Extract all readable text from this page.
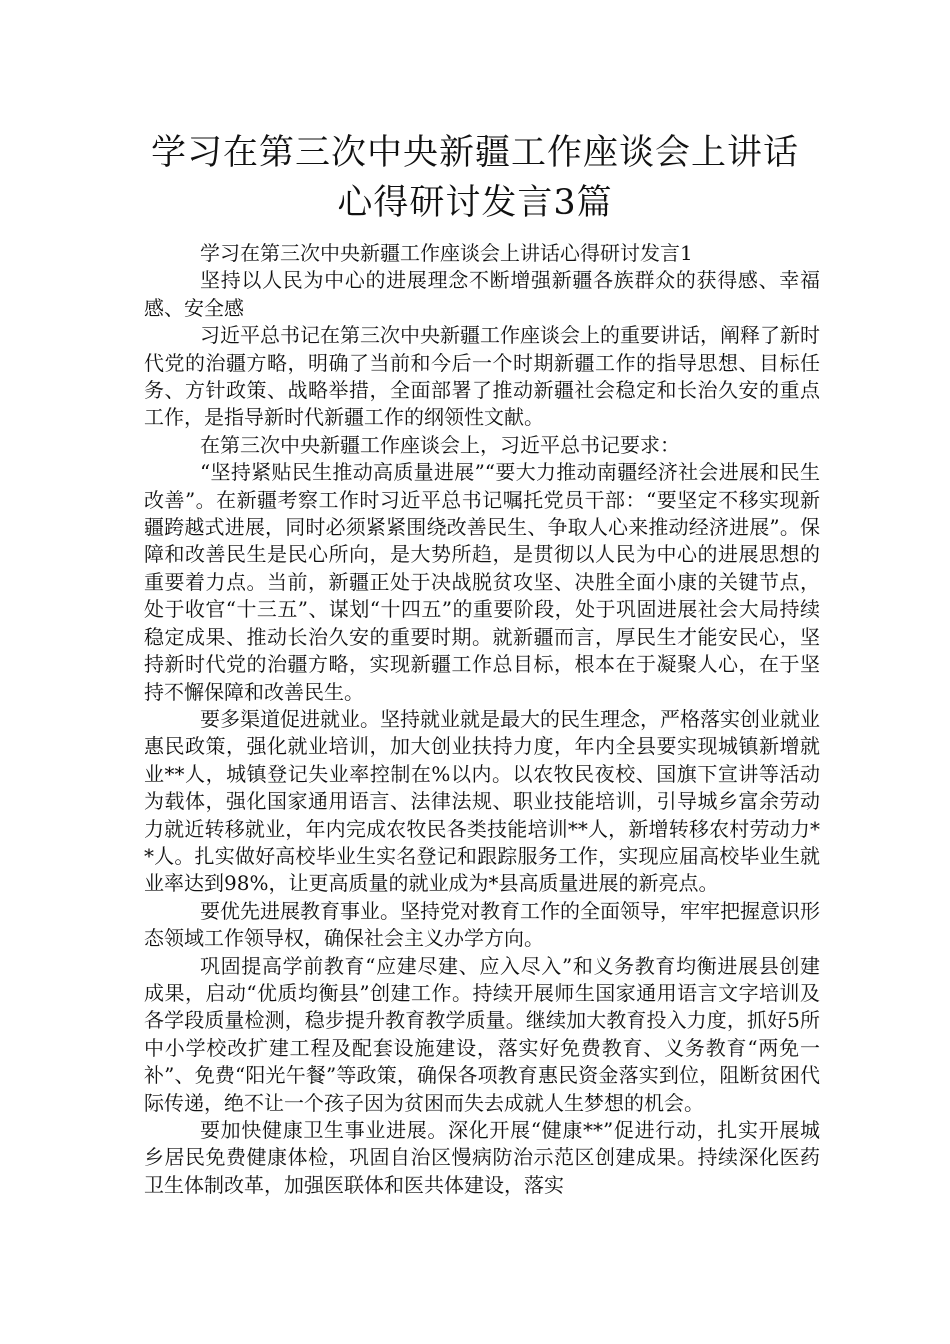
学习在第三次中央新疆工作座谈会上讲话
心得研讨发言3篇

学习在第三次中央新疆工作座谈会上讲话心得研讨发言1

坚持以人民为中心的进展理念不断增强新疆各族群众的获得感、幸福感、安全感

习近平总书记在第三次中央新疆工作座谈会上的重要讲话，阐释了新时代党的治疆方略，明确了当前和今后一个时期新疆工作的指导思想、目标任务、方针政策、战略举措，全面部署了推动新疆社会稳定和长治久安的重点工作，是指导新时代新疆工作的纲领性文献。

在第三次中央新疆工作座谈会上，习近平总书记要求：

“坚持紧贴民生推动高质量进展”“要大力推动南疆经济社会进展和民生改善”。在新疆考察工作时习近平总书记嘱托党员干部：“要坚定不移实现新疆跨越式进展，同时必须紧紧围绕改善民生、争取人心来推动经济进展”。保障和改善民生是民心所向，是大势所趋，是贯彻以人民为中心的进展思想的重要着力点。当前，新疆正处于决战脱贫攻坚、决胜全面小康的关键节点，处于收官“十三五”、谋划“十四五”的重要阶段，处于巩固进展社会大局持续稳定成果、推动长治久安的重要时期。就新疆而言，厚民生才能安民心，坚持新时代党的治疆方略，实现新疆工作总目标，根本在于凝聚人心，在于坚持不懈保障和改善民生。

要多渠道促进就业。坚持就业就是最大的民生理念，严格落实创业就业惠民政策，强化就业培训，加大创业扶持力度，年内全县要实现城镇新增就业**人，城镇登记失业率控制在%以内。以农牧民夜校、国旗下宣讲等活动为载体，强化国家通用语言、法律法规、职业技能培训，引导城乡富余劳动力就近转移就业，年内完成农牧民各类技能培训**人，新增转移农村劳动力**人。扎实做好高校毕业生实名登记和跟踪服务工作，实现应届高校毕业生就业率达到98%，让更高质量的就业成为*县高质量进展的新亮点。

要优先进展教育事业。坚持党对教育工作的全面领导，牢牢把握意识形态领域工作领导权，确保社会主义办学方向。

巩固提高学前教育“应建尽建、应入尽入”和义务教育均衡进展县创建成果，启动“优质均衡县”创建工作。持续开展师生国家通用语言文字培训及各学段质量检测，稳步提升教育教学质量。继续加大教育投入力度，抓好5所中小学校改扩建工程及配套设施建设，落实好免费教育、义务教育“两免一补”、免费“阳光午餐”等政策，确保各项教育惠民资金落实到位，阻断贫困代际传递，绝不让一个孩子因为贫困而失去成就人生梦想的机会。

要加快健康卫生事业进展。深化开展“健康**”促进行动，扎实开展城乡居民免费健康体检，巩固自治区慢病防治示范区创建成果。持续深化医药卫生体制改革，加强医联体和医共体建设，落实
